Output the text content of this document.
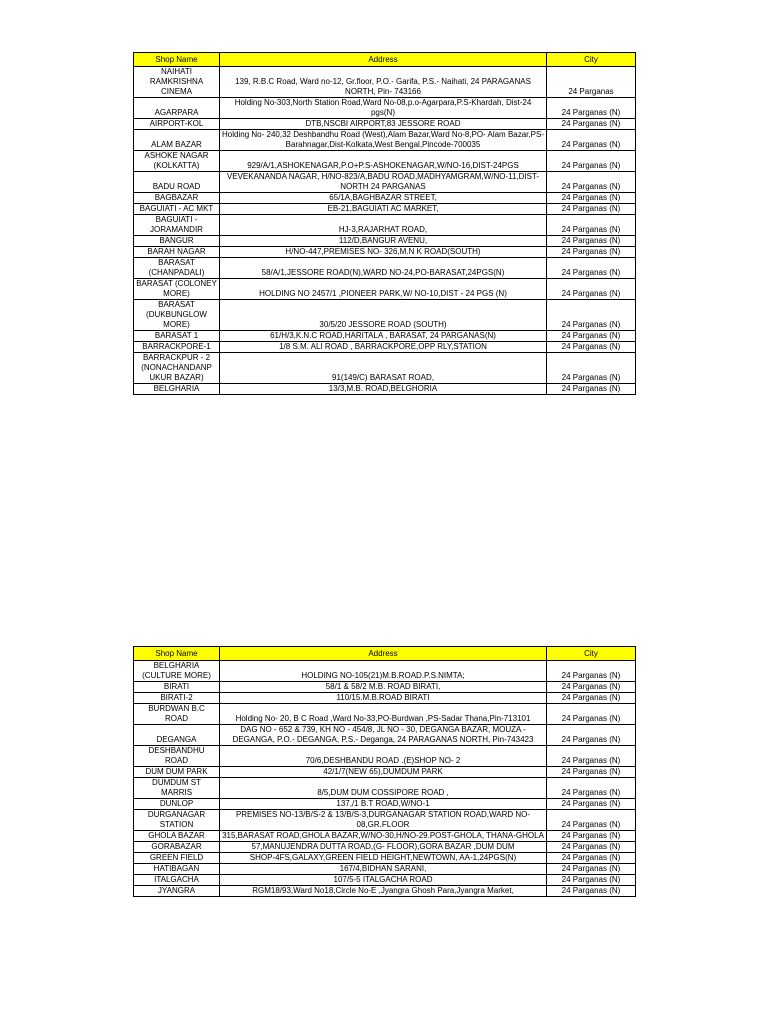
Shop Name	Address	City
NAIHATI RAMKRISHNA CINEMA	139, R.B.C Road, Ward no-12, Gr.floor, P.O.- Garifa, P.S.- Naihati, 24 PARAGANAS NORTH, Pin- 743166	24 Parganas
AGARPARA	Holding No-303,North Station Road,Ward No-08,p.o-Agarpara,P.S-Khardah, Dist-24 pgs(N)	24 Parganas (N)
AIRPORT-KOL	DTB,NSCBI AIRPORT,83 JESSORE ROAD	24 Parganas (N)
ALAM BAZAR	Holding No- 240,32 Deshbandhu Road (West),Alam Bazar,Ward No-8,PO- Alam Bazar,PS-Barahnagar,Dist-Kolkata,West Bengal,Pincode-700035	24 Parganas (N)
ASHOKE NAGAR (KOLKATTA)	929/A/1,ASHOKENAGAR,P.O+P.S-ASHOKENAGAR,W/NO-16,DIST-24PGS	24 Parganas (N)
BADU ROAD	VEVEKANANDA NAGAR, H/NO-823/A,BADU ROAD,MADHYAMGRAM,W/NO-11,DIST-NORTH 24 PARGANAS	24 Parganas (N)
BAGBAZAR	65/1A,BAGHBAZAR STREET,	24 Parganas (N)
BAGUIATI - AC MKT	EB-21,BAGUIATI AC MARKET,	24 Parganas (N)
BAGUIATI - JORAMANDIR	HJ-3,RAJARHAT ROAD,	24 Parganas (N)
BANGUR	112/D,BANGUR AVENU,	24 Parganas (N)
BARAH NAGAR	H/NO-447,PREMISES NO- 326,M.N K ROAD(SOUTH)	24 Parganas (N)
BARASAT (CHANPADALI)	58/A/1,JESSORE ROAD(N),WARD NO-24,PO-BARASAT,24PGS(N)	24 Parganas (N)
BARASAT (COLONEY MORE)	HOLDING NO 2457/1 ,PIONEER PARK,W/ NO-10,DIST - 24 PGS (N)	24 Parganas (N)
BARASAT (DUKBUNGLOW MORE)	30/5/20 JESSORE ROAD (SOUTH)	24 Parganas (N)
BARASAT 1	61/H/3,K.N.C ROAD,HARITALA , BARASAT, 24 PARGANAS(N)	24 Parganas (N)
BARRACKPORE-1	1/8 S.M. ALI ROAD , BARRACKPORE,OPP RLY,STATION	24 Parganas (N)
BARRACKPUR - 2 (NONACHANDANP UKUR BAZAR)	91(149/C) BARASAT ROAD,	24 Parganas (N)
BELGHARIA	13/3,M.B. ROAD,BELGHORIA	24 Parganas (N)
Shop Name	Address	City
BELGHARIA (CULTURE MORE)	HOLDING NO-105(21)M.B.ROAD.P.S.NIMTA;	24 Parganas (N)
BIRATI	58/1 & 58/2 M.B. ROAD BIRATI,	24 Parganas (N)
BIRATI-2	110/15.M.B.ROAD BIRATI	24 Parganas (N)
BURDWAN B.C ROAD	Holding No- 20, B C Road ,Ward No-33,PO-Burdwan ,PS-Sadar Thana,Pin-713101	24 Parganas (N)
DEGANGA	DAG NO - 652 & 739, KH NO - 454/8, JL NO - 30, DEGANGA BAZAR, MOUZA - DEGANGA, P.O.- DEGANGA, P.S.- Deganga, 24 PARAGANAS NORTH, Pin-743423	24 Parganas (N)
DESHBANDHU ROAD	70/6,DESHBANDU ROAD .(E)SHOP NO- 2	24 Parganas (N)
DUM DUM PARK	42/1/7(NEW 65),DUMDUM PARK	24 Parganas (N)
DUMDUM ST MARRIS	8/5,DUM DUM COSSIPORE ROAD ,	24 Parganas (N)
DUNLOP	137,/1 B.T ROAD,W/NO-1	24 Parganas (N)
DURGANAGAR STATION	PREMISES NO-13/B/S-2 & 13/B/S-3,DURGANAGAR STATION ROAD,WARD NO-08,GR.FLOOR	24 Parganas (N)
GHOLA BAZAR	315,BARASAT ROAD,GHOLA BAZAR,W/NO-30,H/NO-29.POST-GHOLA, THANA-GHOLA	24 Parganas (N)
GORABAZAR	57,MANUJENDRA DUTTA ROAD,(G- FLOOR),GORA BAZAR ,DUM DUM	24 Parganas (N)
GREEN FIELD	SHOP-4FS,GALAXY,GREEN FIELD HEIGHT,NEWTOWN, AA-1,24PGS(N)	24 Parganas (N)
HATIBAGAN	167/4,BIDHAN SARANI,	24 Parganas (N)
ITALGACHA	107/5-5 ITALGACHA ROAD	24 Parganas (N)
JYANGRA	RGM18/93,Ward No18,Circle No-E ,Jyangra Ghosh Para,Jyangra Market,	24 Parganas (N)
